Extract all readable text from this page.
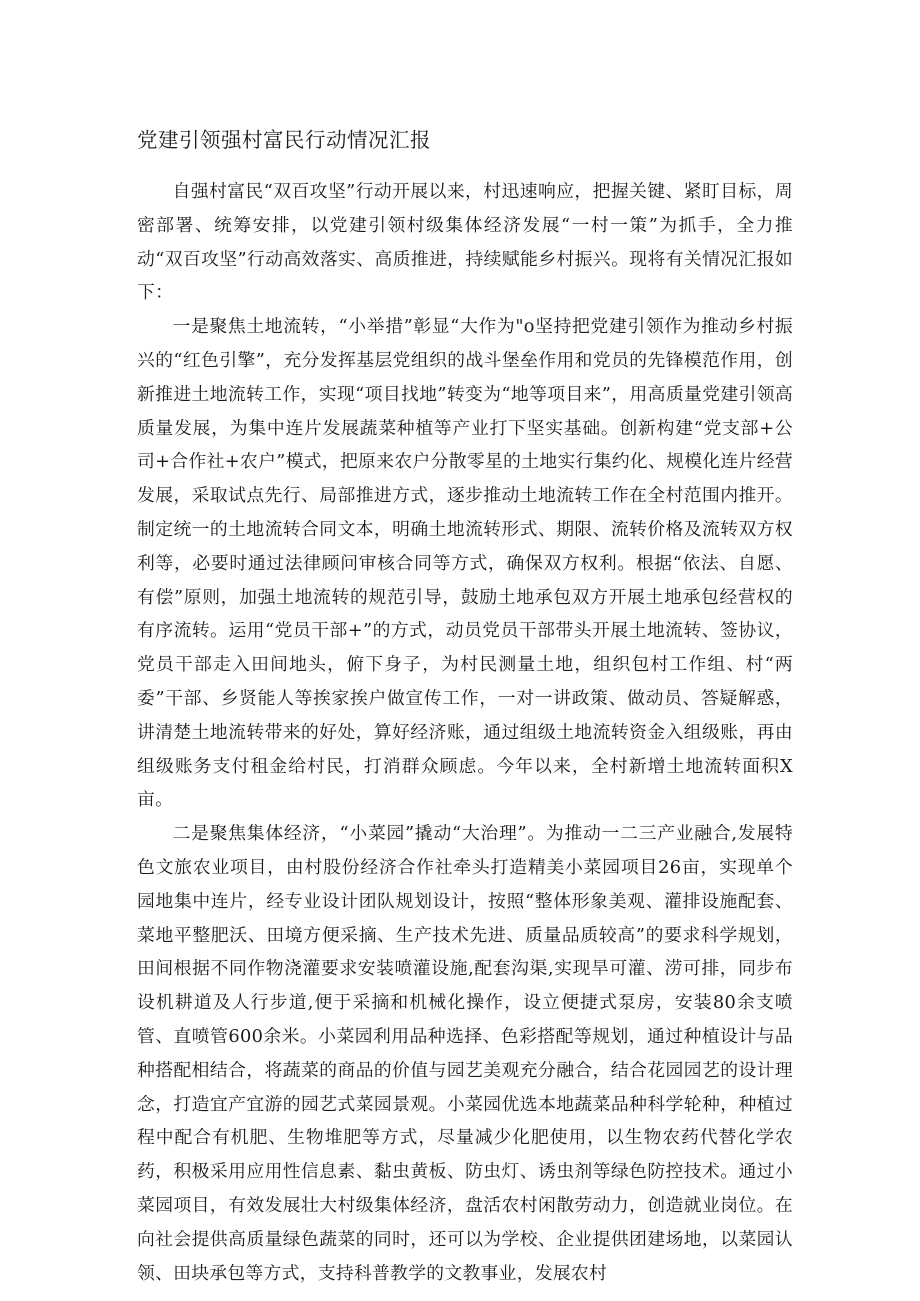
党建引领强村富民行动情况汇报

自强村富民“双百攻坚”行动开展以来，村迅速响应，把握关键、紧盯目标，周密部署、统筹安排，以党建引领村级集体经济发展“一村一策”为抓手，全力推动“双百攻坚”行动高效落实、高质推进，持续赋能乡村振兴。现将有关情况汇报如下：

一是聚焦土地流转，“小举措”彰显“大作为"o坚持把党建引领作为推动乡村振兴的“红色引擎”，充分发挥基层党组织的战斗堡垒作用和党员的先锋模范作用，创新推进土地流转工作，实现“项目找地”转变为“地等项目来”，用高质量党建引领高质量发展，为集中连片发展蔬菜种植等产业打下坚实基础。创新构建“党支部+公司+合作社+农户”模式，把原来农户分散零星的土地实行集约化、规模化连片经营发展，采取试点先行、局部推进方式，逐步推动土地流转工作在全村范围内推开。制定统一的土地流转合同文本，明确土地流转形式、期限、流转价格及流转双方权利等，必要时通过法律顾问审核合同等方式，确保双方权利。根据“依法、自愿、有偿”原则，加强土地流转的规范引导，鼓励土地承包双方开展土地承包经营权的有序流转。运用“党员干部+”的方式，动员党员干部带头开展土地流转、签协议，党员干部走入田间地头，俯下身子，为村民测量土地，组织包村工作组、村“两委”干部、乡贤能人等挨家挨户做宣传工作，一对一讲政策、做动员、答疑解惑，讲清楚土地流转带来的好处，算好经济账，通过组级土地流转资金入组级账，再由组级账务支付租金给村民，打消群众顾虑。今年以来，全村新增土地流转面积X亩。

二是聚焦集体经济，“小菜园”撬动“大治理”。为推动一二三产业融合,发展特色文旅农业项目，由村股份经济合作社牵头打造精美小菜园项目26亩，实现单个园地集中连片，经专业设计团队规划设计，按照“整体形象美观、灌排设施配套、菜地平整肥沃、田境方便采摘、生产技术先进、质量品质较高”的要求科学规划，田间根据不同作物浇灌要求安装喷灌设施,配套沟渠,实现旱可灌、涝可排，同步布设机耕道及人行步道,便于采摘和机械化操作，设立便捷式泵房，安装80余支喷管、直喷管600余米。小菜园利用品种选择、色彩搭配等规划，通过种植设计与品种搭配相结合，将蔬菜的商品的价值与园艺美观充分融合，结合花园园艺的设计理念，打造宜产宜游的园艺式菜园景观。小菜园优选本地蔬菜品种科学轮种，种植过程中配合有机肥、生物堆肥等方式，尽量减少化肥使用，以生物农药代替化学农药，积极采用应用性信息素、黏虫黄板、防虫灯、诱虫剂等绿色防控技术。通过小菜园项目，有效发展壮大村级集体经济，盘活农村闲散劳动力，创造就业岗位。在向社会提供高质量绿色蔬菜的同时，还可以为学校、企业提供团建场地，以菜园认领、田块承包等方式，支持科普教学的文教事业，发展农村
